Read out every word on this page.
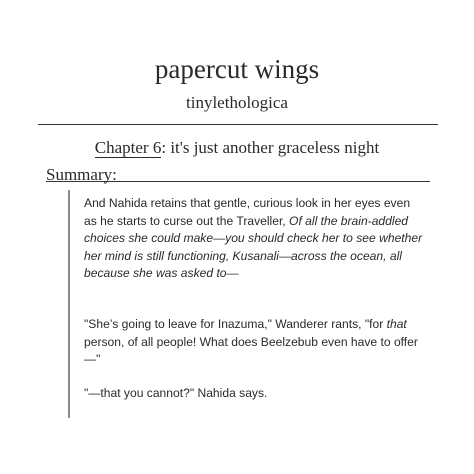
papercut wings
tinylethologica
Chapter 6: it's just another graceless night
Summary:

And Nahida retains that gentle, curious look in her eyes even as he starts to curse out the Traveller, Of all the brain-addled choices she could make—you should check her to see whether her mind is still functioning, Kusanali—across the ocean, all because she was asked to—

"She’s going to leave for Inazuma," Wanderer rants, "for that person, of all people! What does Beelzebub even have to offer—"

"—that you cannot?" Nahida says.
